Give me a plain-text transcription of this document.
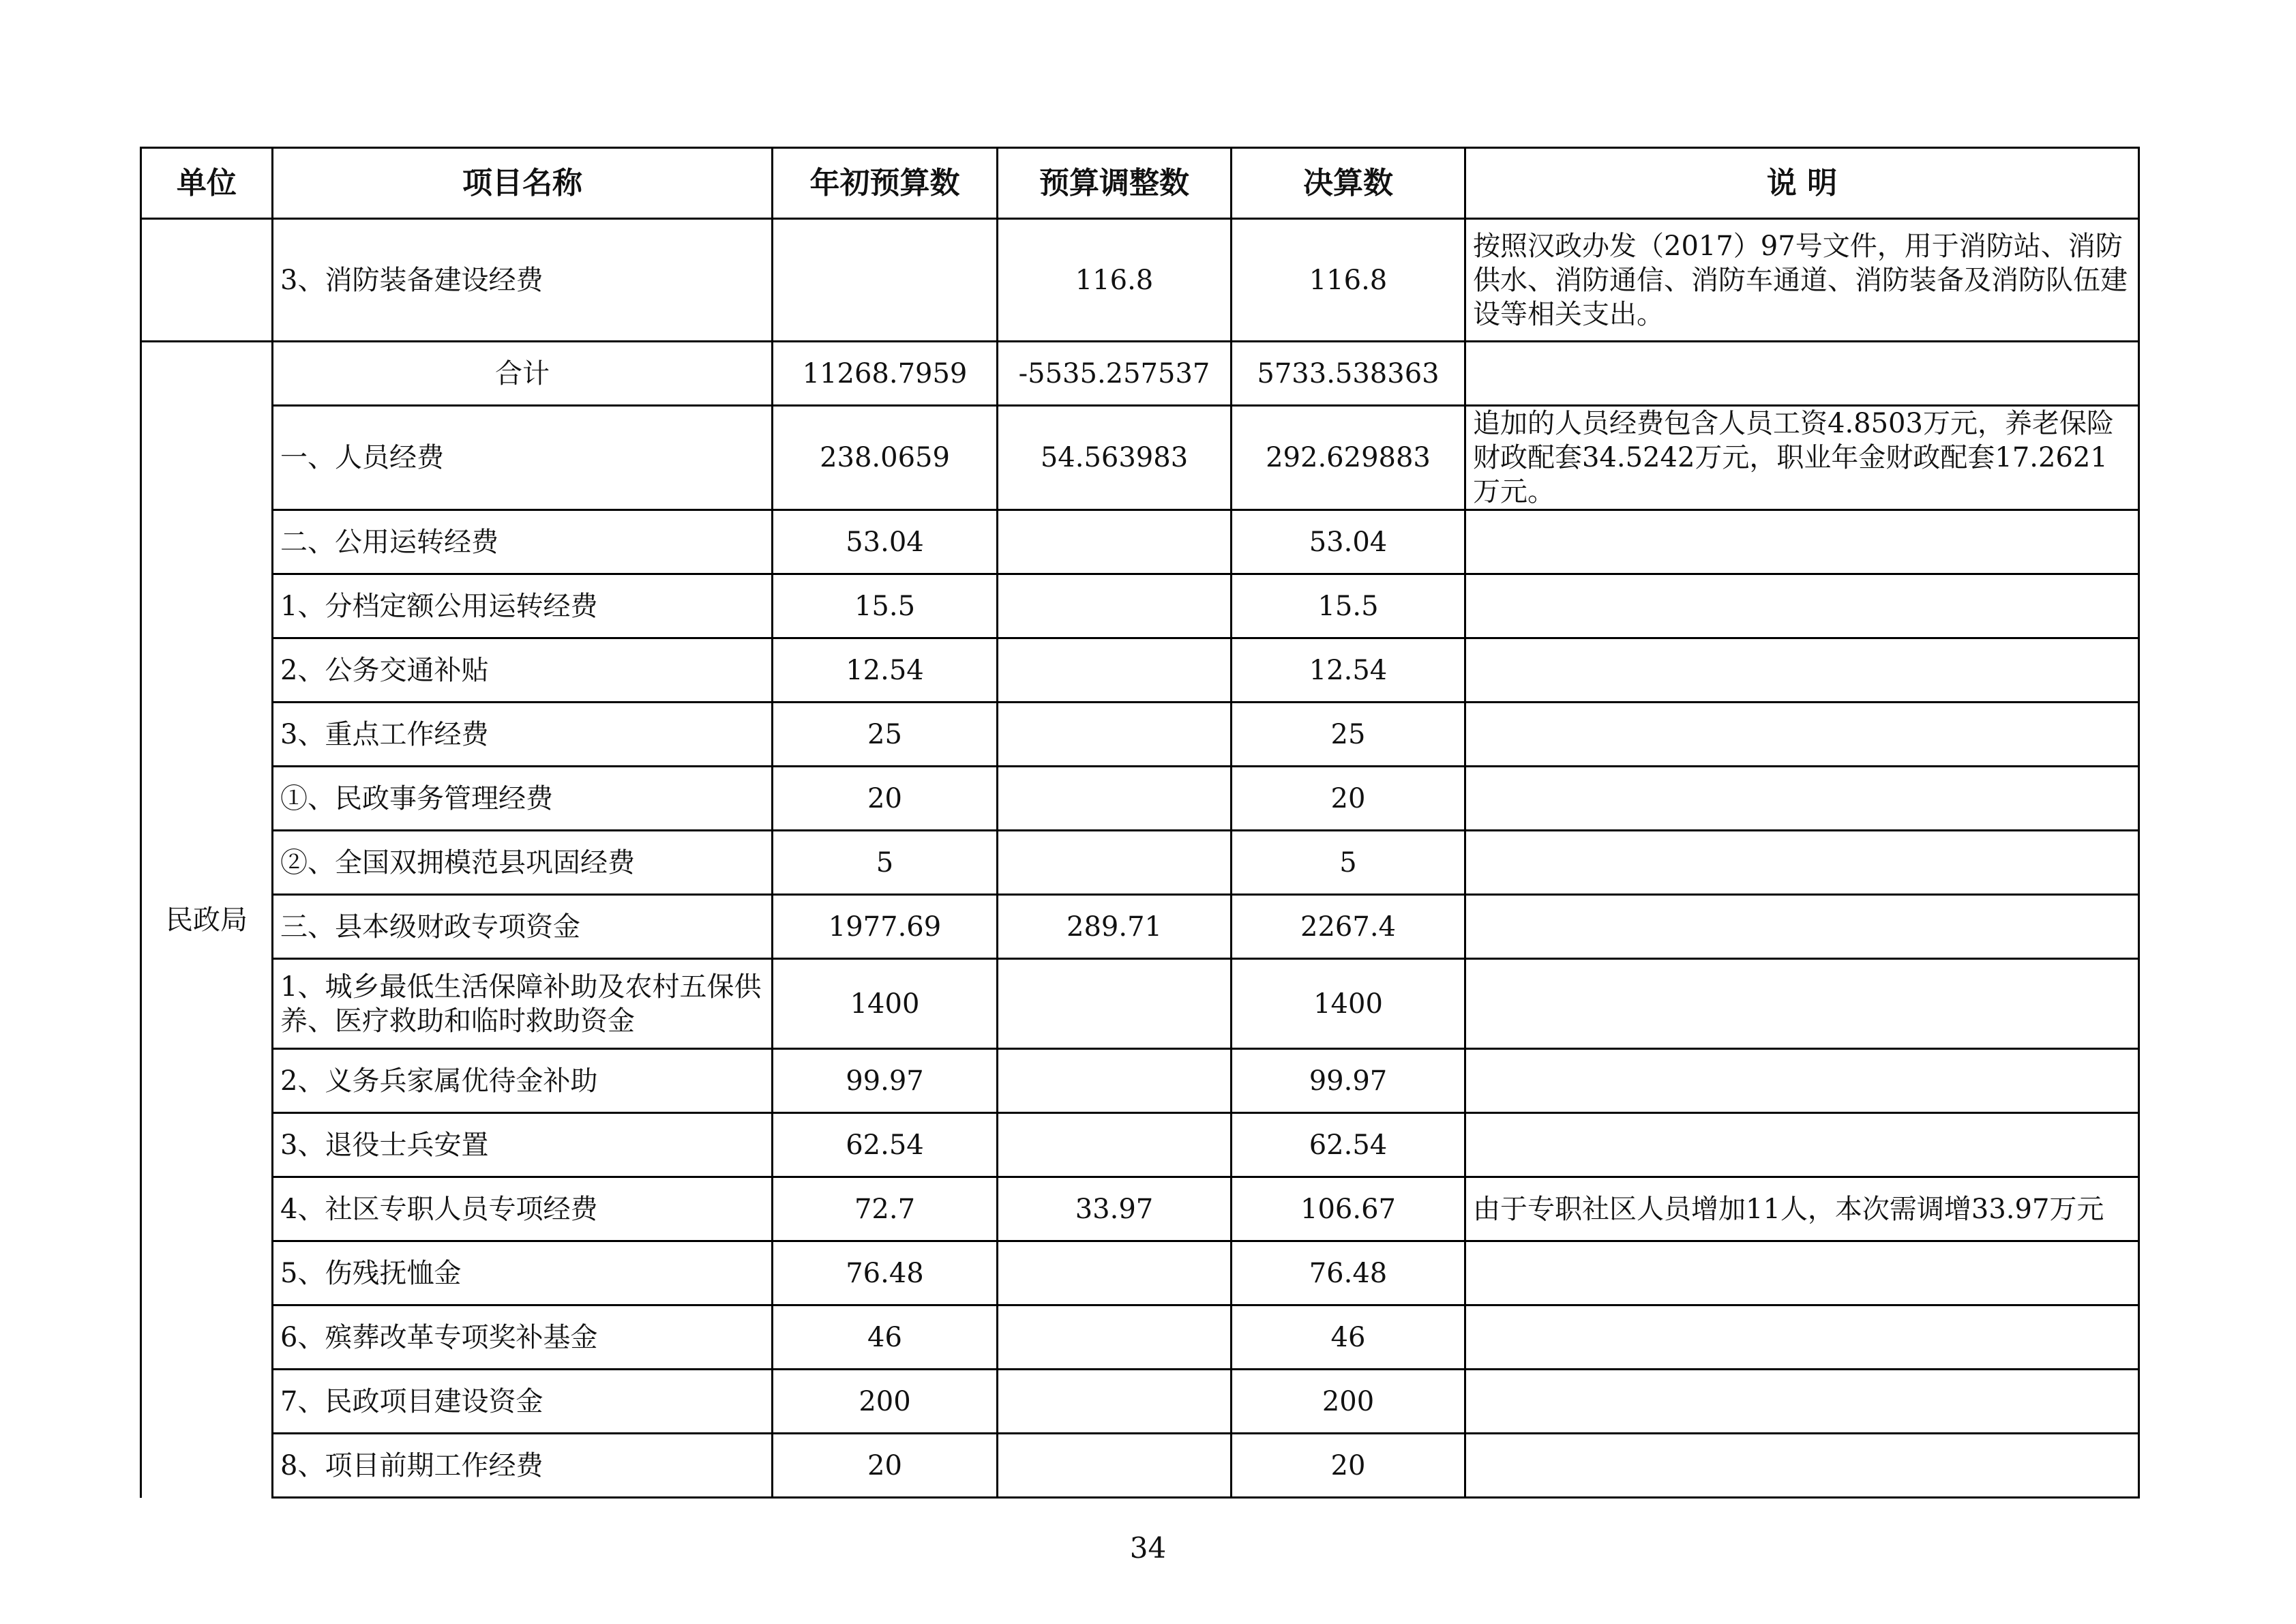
单位	项目名称	年初预算数	预算调整数	决算数	说 明
	3、消防装备建设经费		116.8	116.8	按照汉政办发（2017）97号文件，用于消防站、消防供水、消防通信、消防车通道、消防装备及消防队伍建设等相关支出。
民政局	合计	11268.7959	-5535.257537	5733.538363	
	一、人员经费	238.0659	54.563983	292.629883	追加的人员经费包含人员工资4.8503万元，养老保险财政配套34.5242万元，职业年金财政配套17.2621万元。
	二、公用运转经费	53.04		53.04	
	1、分档定额公用运转经费	15.5		15.5	
	2、公务交通补贴	12.54		12.54	
	3、重点工作经费	25		25	
	①、民政事务管理经费	20		20	
	②、全国双拥模范县巩固经费	5		5	
	三、县本级财政专项资金	1977.69	289.71	2267.4	
	1、城乡最低生活保障补助及农村五保供养、医疗救助和临时救助资金	1400		1400	
	2、义务兵家属优待金补助	99.97		99.97	
	3、退役士兵安置	62.54		62.54	
	4、社区专职人员专项经费	72.7	33.97	106.67	由于专职社区人员增加11人，本次需调增33.97万元
	5、伤残抚恤金	76.48		76.48	
	6、殡葬改革专项奖补基金	46		46	
	7、民政项目建设资金	200		200	
	8、项目前期工作经费	20		20	
34
